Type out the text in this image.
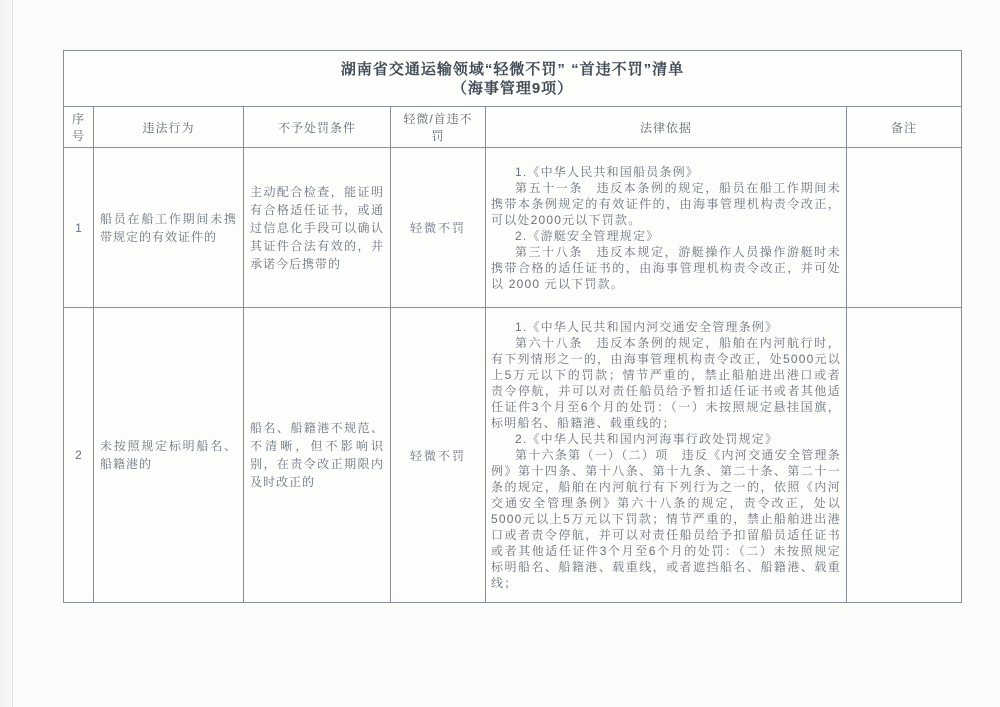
湖南省交通运输领域“轻微不罚” “首违不罚”清单
（海事管理9项）					

序号	违法行为	不予处罚条件	轻微/首违不罚	法律依据	备注
1	船员在船工作期间未携带规定的有效证件的	主动配合检查，能证明有合格适任证书，或通过信息化手段可以确认其证件合法有效的，并承诺今后携带的	轻微不罚	1.《中华人民共和国船员条例》

第五十一条　违反本条例的规定，船员在船工作期间未携带本条例规定的有效证件的，由海事管理机构责令改正，可以处2000元以下罚款。

2.《游艇安全管理规定》

第三十八条　违反本规定，游艇操作人员操作游艇时未携带合格的适任证书的，由海事管理机构责令改正，并可处以 2000 元以下罚款。	

2	未按照规定标明船名、船籍港的	船名、船籍港不规范、不清晰，但不影响识别，在责令改正期限内及时改正的	轻微不罚	1.《中华人民共和国内河交通安全管理条例》

第六十八条　违反本条例的规定，船舶在内河航行时，有下列情形之一的，由海事管理机构责令改正，处5000元以上5万元以下的罚款；情节严重的，禁止船舶进出港口或者责令停航，并可以对责任船员给予暂扣适任证书或者其他适任证件3个月至6个月的处罚：（一）未按照规定悬挂国旗，标明船名、船籍港、载重线的；

2.《中华人民共和国内河海事行政处罚规定》

第十六条第（一）（二）项　违反《内河交通安全管理条例》第十四条、第十八条、第十九条、第二十条、第二十一条的规定，船舶在内河航行有下列行为之一的，依照《内河交通安全管理条例》第六十八条的规定，责令改正，处以5000元以上5万元以下罚款；情节严重的，禁止船舶进出港口或者责令停航，并可以对责任船员给予扣留船员适任证书或者其他适任证件3个月至6个月的处罚：（二）未按照规定标明船名、船籍港、载重线，或者遮挡船名、船籍港、载重线；	
